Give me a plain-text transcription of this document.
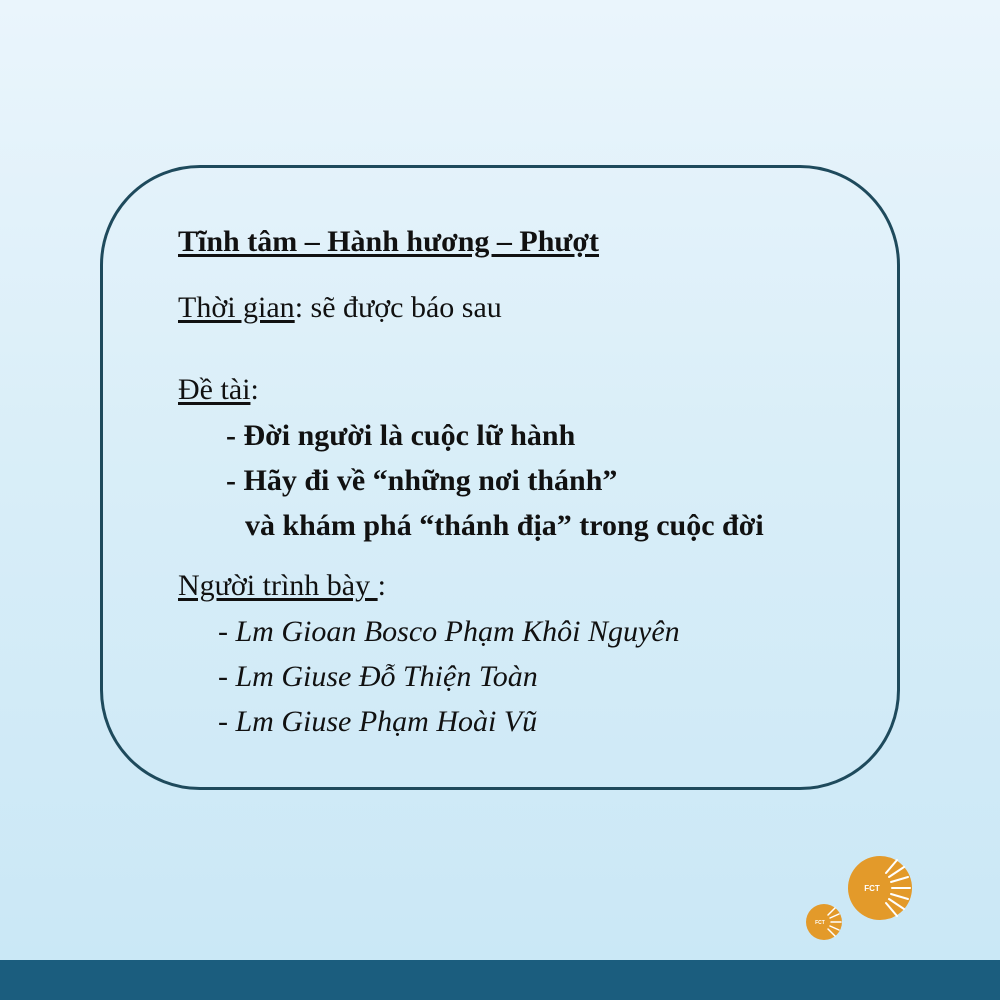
Tĩnh tâm – Hành hương – Phượt
Thời gian: sẽ được báo sau
Đề tài:
- Đời người là cuộc lữ hành
- Hãy đi về “những nơi thánh”
và khám phá “thánh địa” trong cuộc đời
Người trình bày :
- Lm Gioan Bosco Phạm Khôi Nguyên
- Lm Giuse Đỗ Thiện Toàn
- Lm Giuse Phạm Hoài Vũ
FCT
FCT
